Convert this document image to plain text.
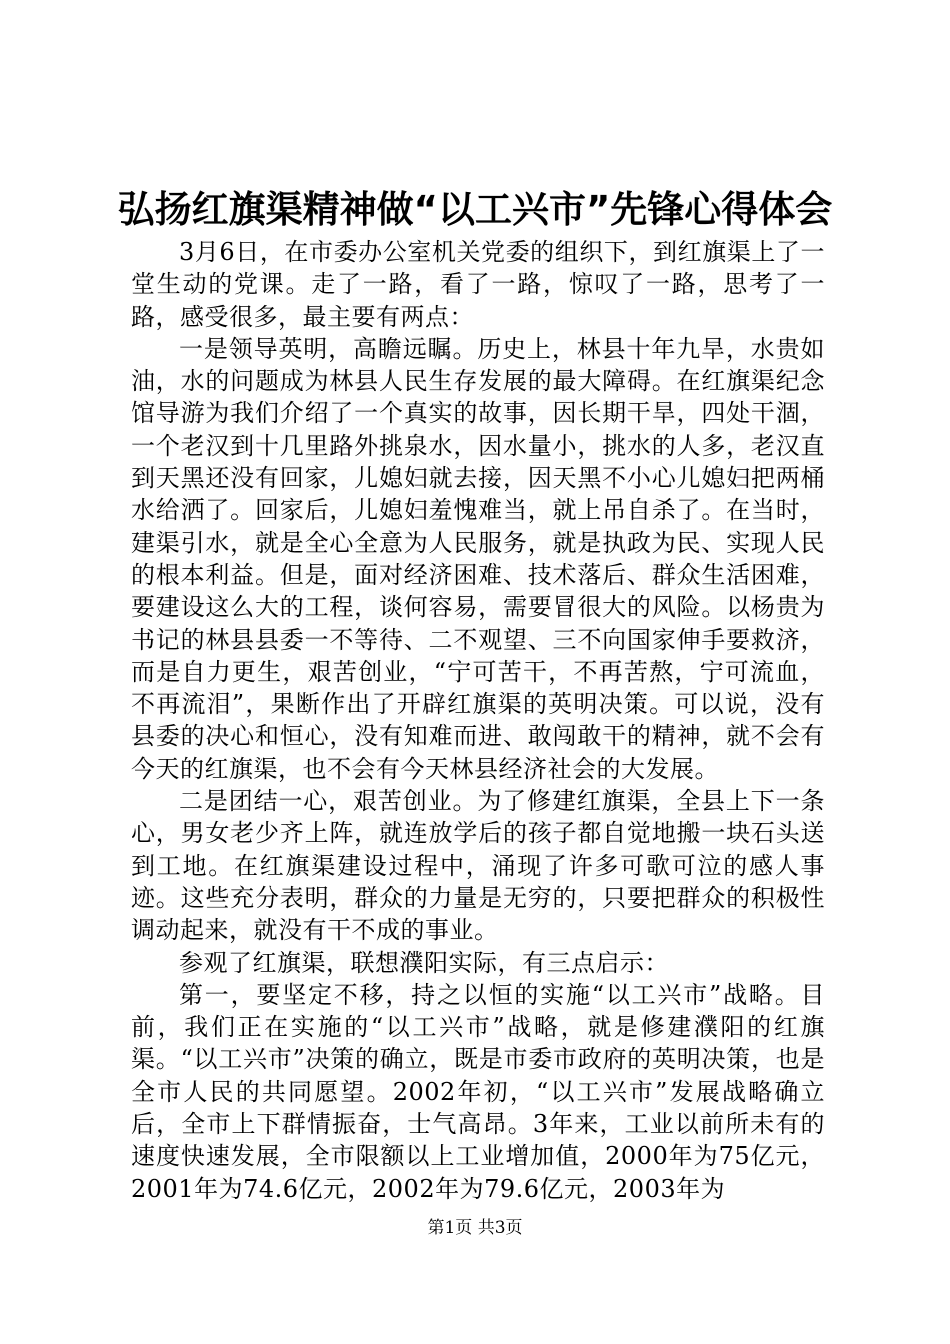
弘扬红旗渠精神做“以工兴市”先锋心得体会

3月6日，在市委办公室机关党委的组织下，到红旗渠上了一堂生动的党课。走了一路，看了一路，惊叹了一路，思考了一路，感受很多，最主要有两点：

一是领导英明，高瞻远瞩。历史上，林县十年九旱，水贵如油，水的问题成为林县人民生存发展的最大障碍。在红旗渠纪念馆导游为我们介绍了一个真实的故事，因长期干旱，四处干涸，一个老汉到十几里路外挑泉水，因水量小，挑水的人多，老汉直到天黑还没有回家，儿媳妇就去接，因天黑不小心儿媳妇把两桶水给洒了。回家后，儿媳妇羞愧难当，就上吊自杀了。在当时，建渠引水，就是全心全意为人民服务，就是执政为民、实现人民的根本利益。但是，面对经济困难、技术落后、群众生活困难，要建设这么大的工程，谈何容易，需要冒很大的风险。以杨贵为书记的林县县委一不等待、二不观望、三不向国家伸手要救济，而是自力更生，艰苦创业，“宁可苦干，不再苦熬，宁可流血，不再流泪”，果断作出了开辟红旗渠的英明决策。可以说，没有县委的决心和恒心，没有知难而进、敢闯敢干的精神，就不会有今天的红旗渠，也不会有今天林县经济社会的大发展。

二是团结一心，艰苦创业。为了修建红旗渠，全县上下一条心，男女老少齐上阵，就连放学后的孩子都自觉地搬一块石头送到工地。在红旗渠建设过程中，涌现了许多可歌可泣的感人事迹。这些充分表明，群众的力量是无穷的，只要把群众的积极性调动起来，就没有干不成的事业。

参观了红旗渠，联想濮阳实际，有三点启示：

第一，要坚定不移，持之以恒的实施“以工兴市”战略。目前，我们正在实施的“以工兴市”战略，就是修建濮阳的红旗渠。“以工兴市”决策的确立，既是市委市政府的英明决策，也是全市人民的共同愿望。2002年初，“以工兴市”发展战略确立后，全市上下群情振奋，士气高昂。3年来，工业以前所未有的速度快速发展，全市限额以上工业增加值，2000年为75亿元，2001年为74.6亿元，2002年为79.6亿元，2003年为

第1页 共3页
